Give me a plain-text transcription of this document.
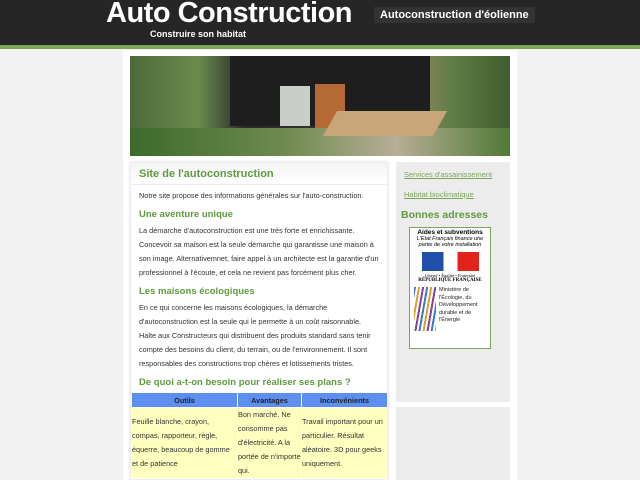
Auto Construction
Construire son habitat
Autoconstruction d'éolienne
Site de l'autoconstruction

Notre site propose des informations générales sur l'auto-construction.

Une aventure unique

La démarche d'autoconstruction est une très forte et enrichissante. Concevoir sa maison est la seule démarche qui garantisse une maison à son image. Alternativemnet, faire appel à un architecte est la garantie d'un professionnel à l'écoute, et cela ne revient pas forcément plus cher.

Les maisons écologiques

En ce qui concerne les maisons écologiques, la démarche d'autoconstruction est la seule qui le permette à un coût raisonnable. Halte aux Constructeurs qui distribuent des produits standard sans tenir compte des besoins du client, du terrain, ou de l'environnement. Il sont responsables des constructions trop chères et lotissements tristes.

De quoi a-t-on besoin pour réaliser ses plans ?
Outils	Avantages	Inconvénients
Feuille blanche, crayon, compas, rapporteur, règle, équerre, beaucoup de gomme et de patience	Bon marché. Ne consomme pas d'électricité. A la portée de n'importe qui.	Travail important pour un particulier. Résultat aléatoire. 3D pour geeks uniquement.
Services d'assainissement
Habitat bioclimatique
Bonnes adresses
Aides et subventions
L'Etat Français finance une partie de votre installation
Liberté • Égalité • Fraternité
RÉPUBLIQUE FRANÇAISE
Ministère de l'Écologie, du Développement durable et de l'Énergie
